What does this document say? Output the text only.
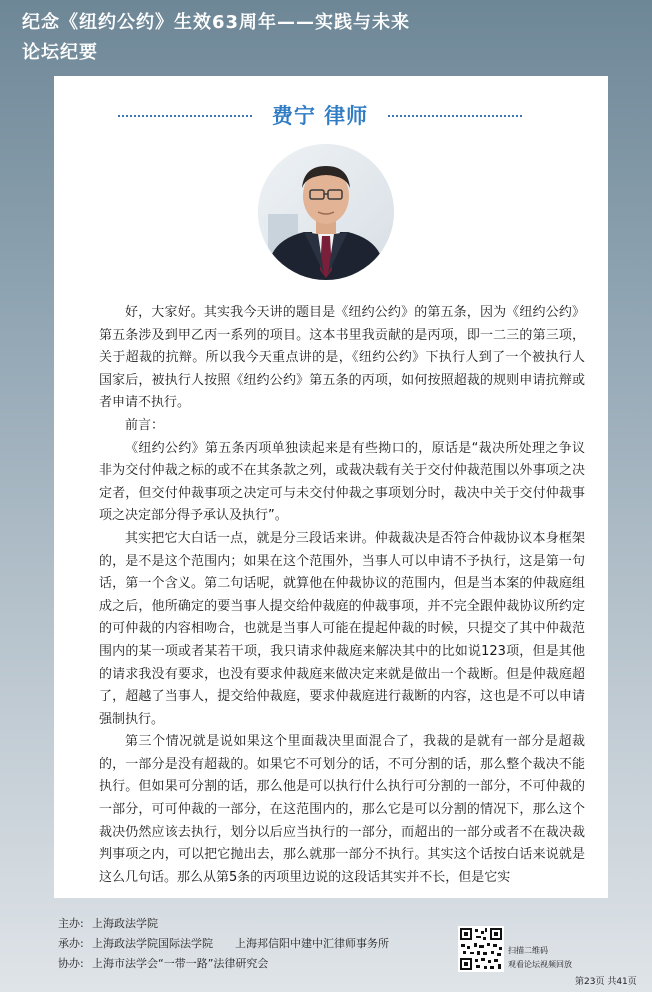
纪念《纽约公约》生效63周年——实践与未来
论坛纪要
费宁 律师

好，大家好。其实我今天讲的题目是《纽约公约》的第五条，因为《纽约公约》第五条涉及到甲乙丙一系列的项目。这本书里我贡献的是丙项，即一二三的第三项，关于超裁的抗辩。所以我今天重点讲的是，《纽约公约》下执行人到了一个被执行人国家后，被执行人按照《纽约公约》第五条的丙项，如何按照超裁的规则申请抗辩或者申请不执行。

前言：

《纽约公约》第五条丙项单独读起来是有些拗口的，原话是“裁决所处理之争议非为交付仲裁之标的或不在其条款之列，或裁决载有关于交付仲裁范围以外事项之决定者，但交付仲裁事项之决定可与未交付仲裁之事项划分时，裁决中关于交付仲裁事项之决定部分得予承认及执行”。

其实把它大白话一点，就是分三段话来讲。仲裁裁决是否符合仲裁协议本身框架的，是不是这个范围内；如果在这个范围外，当事人可以申请不予执行，这是第一句话，第一个含义。第二句话呢，就算他在仲裁协议的范围内，但是当本案的仲裁庭组成之后，他所确定的要当事人提交给仲裁庭的仲裁事项，并不完全跟仲裁协议所约定的可仲裁的内容相吻合，也就是当事人可能在提起仲裁的时候，只提交了其中仲裁范围内的某一项或者某若干项，我只请求仲裁庭来解决其中的比如说123项，但是其他的请求我没有要求，也没有要求仲裁庭来做决定来就是做出一个裁断。但是仲裁庭超了，超越了当事人，提交给仲裁庭，要求仲裁庭进行裁断的内容，这也是不可以申请强制执行。

第三个情况就是说如果这个里面裁决里面混合了，我裁的是就有一部分是超裁的，一部分是没有超裁的。如果它不可划分的话，不可分割的话，那么整个裁决不能执行。但如果可分割的话，那么他是可以执行什么执行可分割的一部分，不可仲裁的一部分，可可仲裁的一部分，在这范围内的，那么它是可以分割的情况下，那么这个裁决仍然应该去执行，划分以后应当执行的一部分，而超出的一部分或者不在裁决裁判事项之内，可以把它抛出去，那么就那一部分不执行。其实这个话按白话来说就是这么几句话。那么从第5条的丙项里边说的这段话其实并不长，但是它实

主办: 上海政法学院
承办: 上海政法学院国际法学院 上海邦信阳中建中汇律师事务所
协办: 上海市法学会“一带一路”法律研究会
扫描二维码
观看论坛视频回放
第23页 共41页
